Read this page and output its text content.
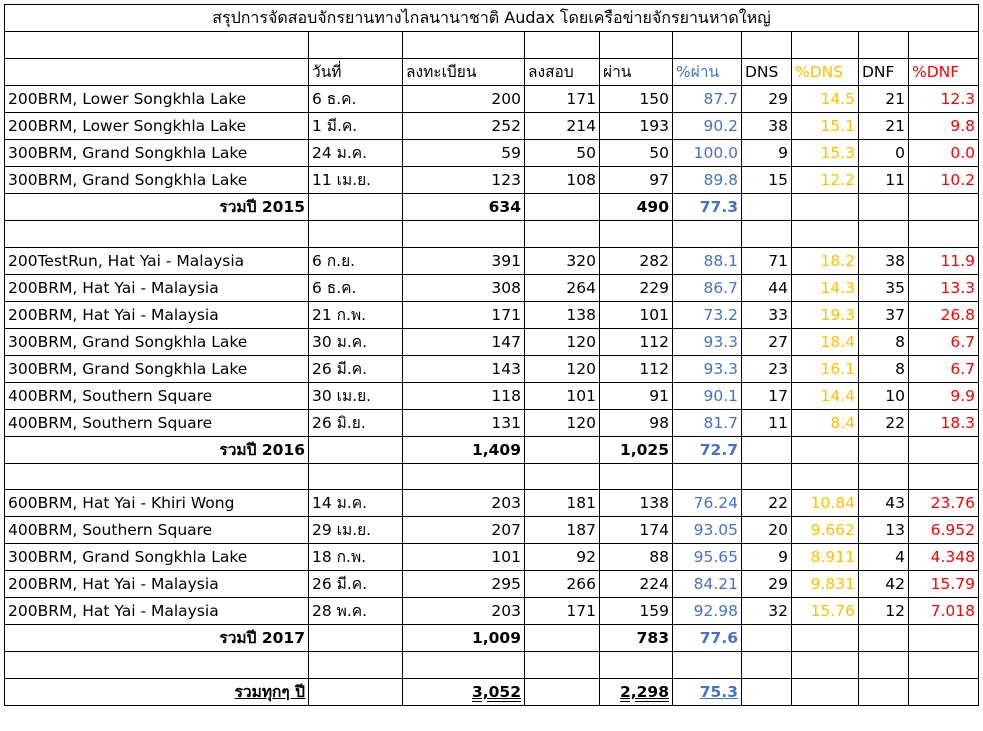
สรุปการจัดสอบจักรยานทางไกลนานาชาติ Audax โดยเครือข่ายจักรยานหาดใหญ่									

	วันที่	ลงทะเบียน	ลงสอบ	ผ่าน	%ผ่าน	DNS	%DNS	DNF	%DNF
200BRM, Lower Songkhla Lake	6 ธ.ค.	200	171	150	87.7	29	14.5	21	12.3
200BRM, Lower Songkhla Lake	1 มี.ค.	252	214	193	90.2	38	15.1	21	9.8
300BRM, Grand Songkhla Lake	24 ม.ค.	59	50	50	100.0	9	15.3	0	0.0
300BRM, Grand Songkhla Lake	11 เม.ย.	123	108	97	89.8	15	12.2	11	10.2
รวมปี 2015		634		490	77.3				

200TestRun, Hat Yai - Malaysia	6 ก.ย.	391	320	282	88.1	71	18.2	38	11.9
200BRM, Hat Yai - Malaysia	6 ธ.ค.	308	264	229	86.7	44	14.3	35	13.3
200BRM, Hat Yai - Malaysia	21 ก.พ.	171	138	101	73.2	33	19.3	37	26.8
300BRM, Grand Songkhla Lake	30 ม.ค.	147	120	112	93.3	27	18.4	8	6.7
300BRM, Grand Songkhla Lake	26 มี.ค.	143	120	112	93.3	23	16.1	8	6.7
400BRM, Southern Square	30 เม.ย.	118	101	91	90.1	17	14.4	10	9.9
400BRM, Southern Square	26 มิ.ย.	131	120	98	81.7	11	8.4	22	18.3
รวมปี 2016		1,409		1,025	72.7				

600BRM, Hat Yai - Khiri Wong	14 ม.ค.	203	181	138	76.24	22	10.84	43	23.76
400BRM, Southern Square	29 เม.ย.	207	187	174	93.05	20	9.662	13	6.952
300BRM, Grand Songkhla Lake	18 ก.พ.	101	92	88	95.65	9	8.911	4	4.348
200BRM, Hat Yai - Malaysia	26 มี.ค.	295	266	224	84.21	29	9.831	42	15.79
200BRM, Hat Yai - Malaysia	28 พ.ค.	203	171	159	92.98	32	15.76	12	7.018
รวมปี 2017		1,009		783	77.6				

รวมทุกๆ ปี		3,052		2,298	75.3				
